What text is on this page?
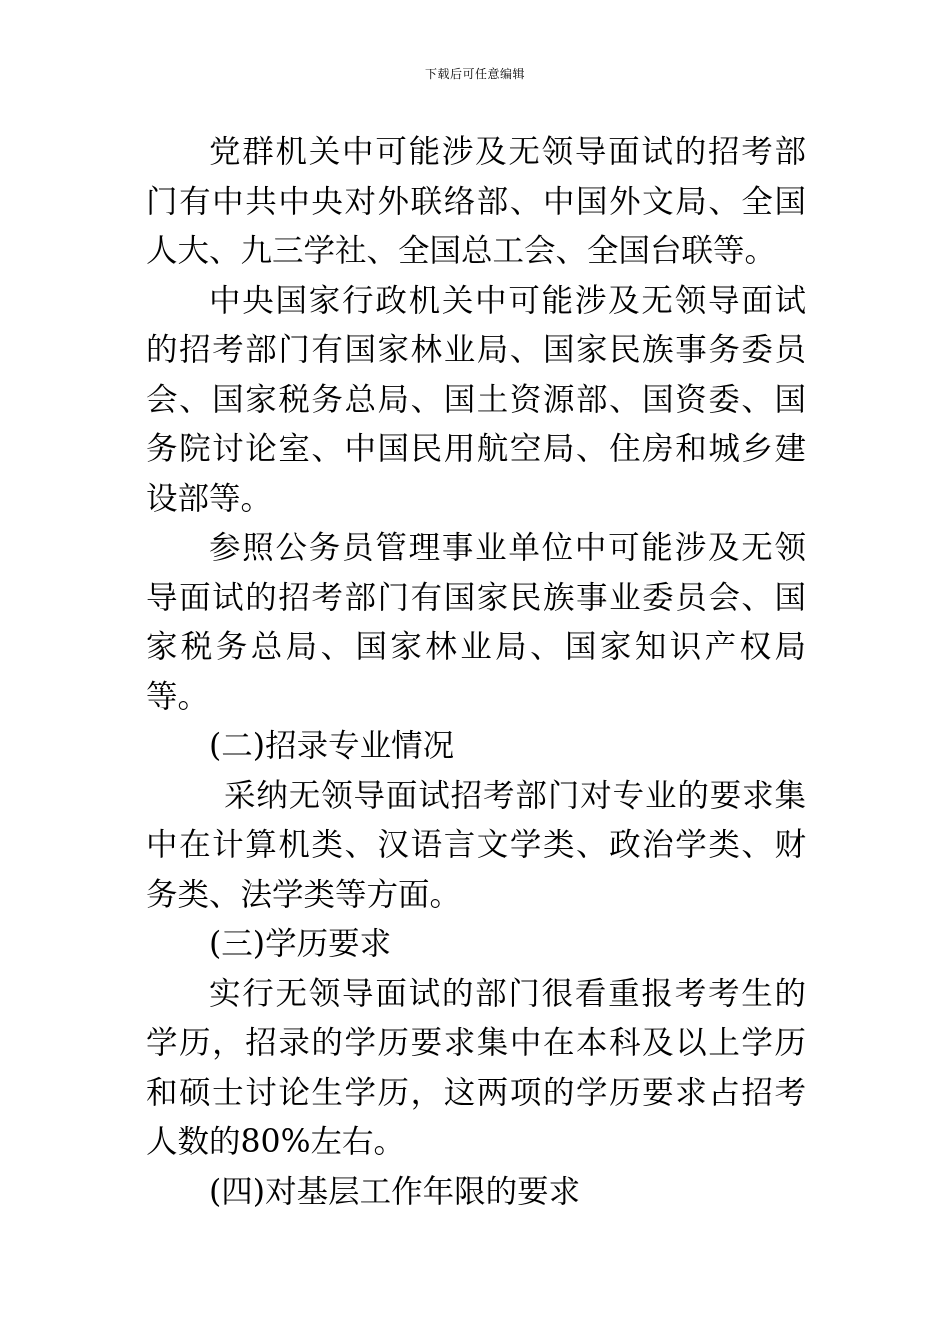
下载后可任意编辑

党群机关中可能涉及无领导面试的招考部门有中共中央对外联络部、中国外文局、全国人大、九三学社、全国总工会、全国台联等。

中央国家行政机关中可能涉及无领导面试的招考部门有国家林业局、国家民族事务委员会、国家税务总局、国土资源部、国资委、国务院讨论室、中国民用航空局、住房和城乡建设部等。

参照公务员管理事业单位中可能涉及无领导面试的招考部门有国家民族事业委员会、国家税务总局、国家林业局、国家知识产权局等。

(二)招录专业情况

采纳无领导面试招考部门对专业的要求集中在计算机类、汉语言文学类、政治学类、财务类、法学类等方面。

(三)学历要求

实行无领导面试的部门很看重报考考生的学历，招录的学历要求集中在本科及以上学历和硕士讨论生学历，这两项的学历要求占招考人数的80%左右。

(四)对基层工作年限的要求
